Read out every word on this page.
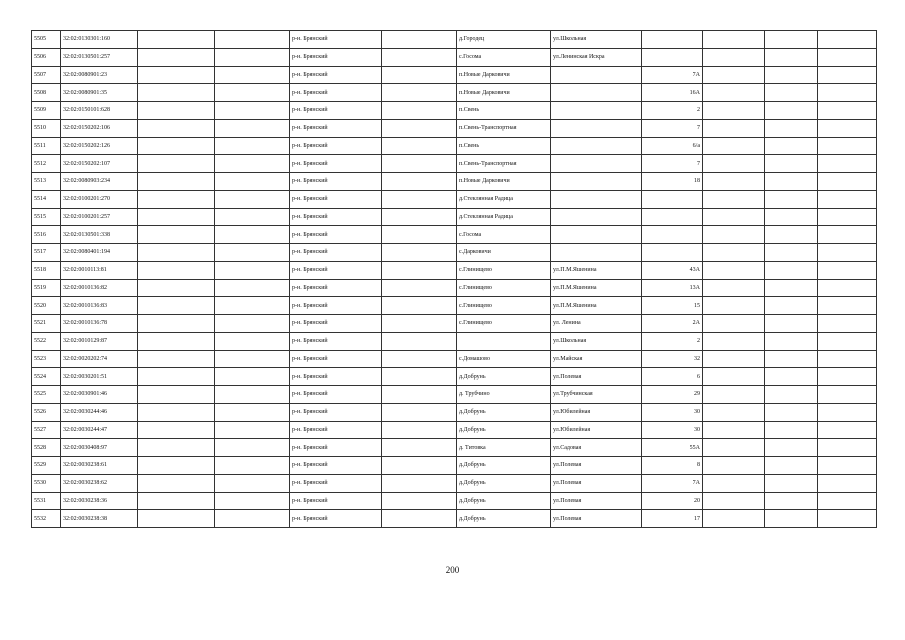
5505	32:02:0130301:160			р-н. Брянский		д.Городец	ул.Школьная				
5506	32:02:0130501:257			р-н. Брянский		с.Госома	ул.Ленинская Искра				
5507	32:02:0080901:23			р-н. Брянский		п.Новые Дарковичи		7А			
5508	32:02:0080901:35			р-н. Брянский		п.Новые Дарковичи		16А			
5509	32:02:0150101:628			р-н. Брянский		п.Свень		2			
5510	32:02:0150202:106			р-н. Брянский		п.Свень-Транспортная		7			
5511	32:02:0150202:126			р-н. Брянский		п.Свень		6/а			
5512	32:02:0150202:107			р-н. Брянский		п.Свень-Транспортная		7			
5513	32:02:0080903:234			р-н. Брянский		п.Новые Дарковичи		18			
5514	32:02:0100201:270			р-н. Брянский		д.Стеклянная Радица					
5515	32:02:0100201:257			р-н. Брянский		д.Стеклянная Радица					
5516	32:02:0130501:338			р-н. Брянский		с.Госома					
5517	32:02:0080401:194			р-н. Брянский		с.Дарковичи					
5518	32:02:0010113:81			р-н. Брянский		с.Глинищево	ул.П.М.Яшенина	43А			
5519	32:02:0010136:82			р-н. Брянский		с.Глинищево	ул.П.М.Яшенина	13А			
5520	32:02:0010136:83			р-н. Брянский		с.Глинищево	ул.П.М.Яшенина	15			
5521	32:02:0010136:78			р-н. Брянский		с.Глинищево	ул. Ленина	2А			
5522	32:02:0010129:87			р-н. Брянский			ул.Школьная	2			
5523	32:02:0020202:74			р-н. Брянский		с.Домашово	ул.Майская	32			
5524	32:02:0030201:51			р-н. Брянский		д.Добрунь	ул.Полевая	6			
5525	32:02:0030901:46			р-н. Брянский		д. Трубчино	ул.Трубчинская	29			
5526	32:02:0030244:46			р-н. Брянский		д.Добрунь	ул.Юбилейная	30			
5527	32:02:0030244:47			р-н. Брянский		д.Добрунь	ул.Юбилейная	30			
5528	32:02:0030408:97			р-н. Брянский		д. Титовка	ул.Садовая	55А			
5529	32:02:0030238:61			р-н. Брянский		д.Добрунь	ул.Полевая	8			
5530	32:02:0030238:62			р-н. Брянский		д.Добрунь	ул.Полевая	7А			
5531	32:02:0030238:36			р-н. Брянский		д.Добрунь	ул.Полевая	20			
5532	32:02:0030238:38			р-н. Брянский		д.Добрунь	ул.Полевая	17			
200
